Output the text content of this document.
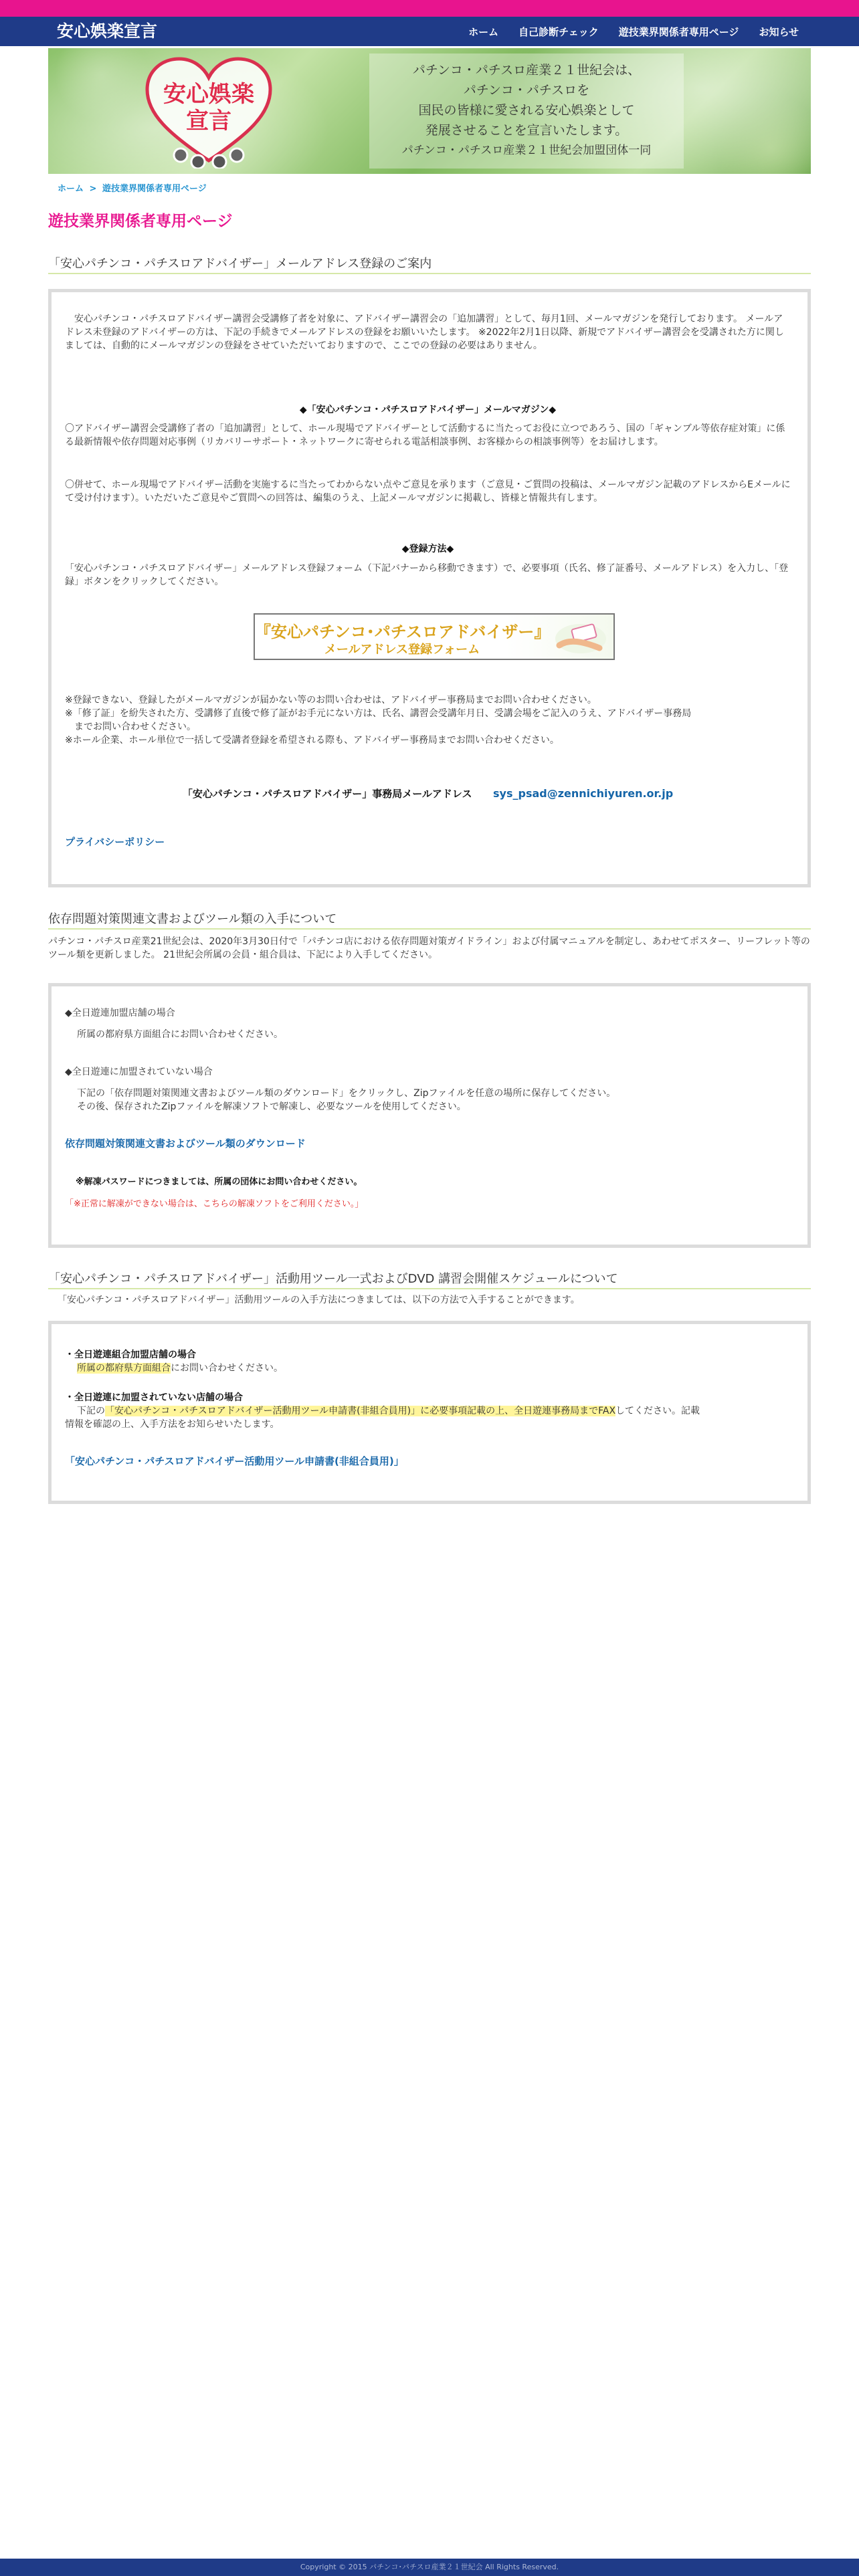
安心娯楽宣言	ホーム 自己診断チェック 遊技業界関係者専用ページ お知らせ
安心娯楽
宣言
パチンコ・パチスロ産業２１世紀会は、
パチンコ・パチスロを
国民の皆様に愛される安心娯楽として
発展させることを宣言いたします。
パチンコ・パチスロ産業２１世紀会加盟団体一同
ホーム > 遊技業界関係者専用ページ
遊技業界関係者専用ページ
「安心パチンコ・パチスロアドバイザー」メールアドレス登録のご案内
　安心パチンコ・パチスロアドバイザー講習会受講修了者を対象に、アドバイザー講習会の「追加講習」として、毎月1回、メールマガジンを発行しております。 メールアドレス未登録のアドバイザーの方は、下記の手続きでメールアドレスの登録をお願いいたします。 ※2022年2月1日以降、新規でアドバイザー講習会を受講された方に関しましては、自動的にメールマガジンの登録をさせていただいておりますので、ここでの登録の必要はありません。
◆「安心パチンコ・パチスロアドバイザー」メールマガジン◆
〇アドバイザー講習会受講修了者の「追加講習」として、ホール現場でアドバイザーとして活動するに当たってお役に立つであろう、国の「ギャンブル等依存症対策」に係る最新情報や依存問題対応事例（リカバリーサポート・ネットワークに寄せられる電話相談事例、お客様からの相談事例等）をお届けします。
〇併せて、ホール現場でアドバイザー活動を実施するに当たってわからない点やご意見を承ります（ご意見・ご質問の投稿は、メールマガジン記載のアドレスからEメールにて受け付けます）。いただいたご意見やご質問への回答は、編集のうえ、上記メールマガジンに掲載し、皆様と情報共有します。
◆登録方法◆
「安心パチンコ・パチスロアドバイザー」メールアドレス登録フォーム（下記バナーから移動できます）で、必要事項（氏名、修了証番号、メールアドレス）を入力し、「登録」ボタンをクリックしてください。
『安心パチンコ･パチスロアドバイザー』
メールアドレス登録フォーム
※登録できない、登録したがメールマガジンが届かない等のお問い合わせは、アドバイザー事務局までお問い合わせください。
※「修了証」を紛失された方、受講修了直後で修了証がお手元にない方は、氏名、講習会受講年月日、受講会場をご記入のうえ、アドバイザー事務局
　までお問い合わせください。
※ホール企業、ホール単位で一括して受講者登録を希望される際も、アドバイザー事務局までお問い合わせください。
「安心パチンコ・パチスロアドバイザー」事務局メールアドレス sys_psad@zennichiyuren.or.jp
プライバシーポリシー
依存問題対策関連文書およびツール類の入手について
パチンコ・パチスロ産業21世紀会は、2020年3月30日付で「パチンコ店における依存問題対策ガイドライン」および付属マニュアルを制定し、あわせてポスター、リーフレット等のツール類を更新しました。 21世紀会所属の会員・組合員は、下記により入手してください。
◆全日遊連加盟店舗の場合
所属の都府県方面組合にお問い合わせください。
◆全日遊連に加盟されていない場合
下記の「依存問題対策関連文書およびツール類のダウンロード」をクリックし、Zipファイルを任意の場所に保存してください。
その後、保存されたZipファイルを解凍ソフトで解凍し、必要なツールを使用してください。
依存問題対策関連文書およびツール類のダウンロード
※解凍パスワードにつきましては、所属の団体にお問い合わせください。
「※正常に解凍ができない場合は、こちらの解凍ソフトをご利用ください。」
「安心パチンコ・パチスロアドバイザー」活動用ツール一式およびDVD 講習会開催スケジュールについて
「安心パチンコ・パチスロアドバイザー」活動用ツールの入手方法につきましては、以下の方法で入手することができます。
・全日遊連組合加盟店舗の場合
所属の都府県方面組合にお問い合わせください。
・全日遊連に加盟されていない店舗の場合
下記の「安心パチンコ・パチスロアドバイザー活動用ツール申請書(非組合員用)」に必要事項記載の上、全日遊連事務局までFAXしてください。記載
情報を確認の上、入手方法をお知らせいたします。
「安心パチンコ・パチスロアドバイザー活動用ツール申請書(非組合員用)」
Copyright © 2015 パチンコ･パチスロ産業２１世紀会 All Rights Reserved.
